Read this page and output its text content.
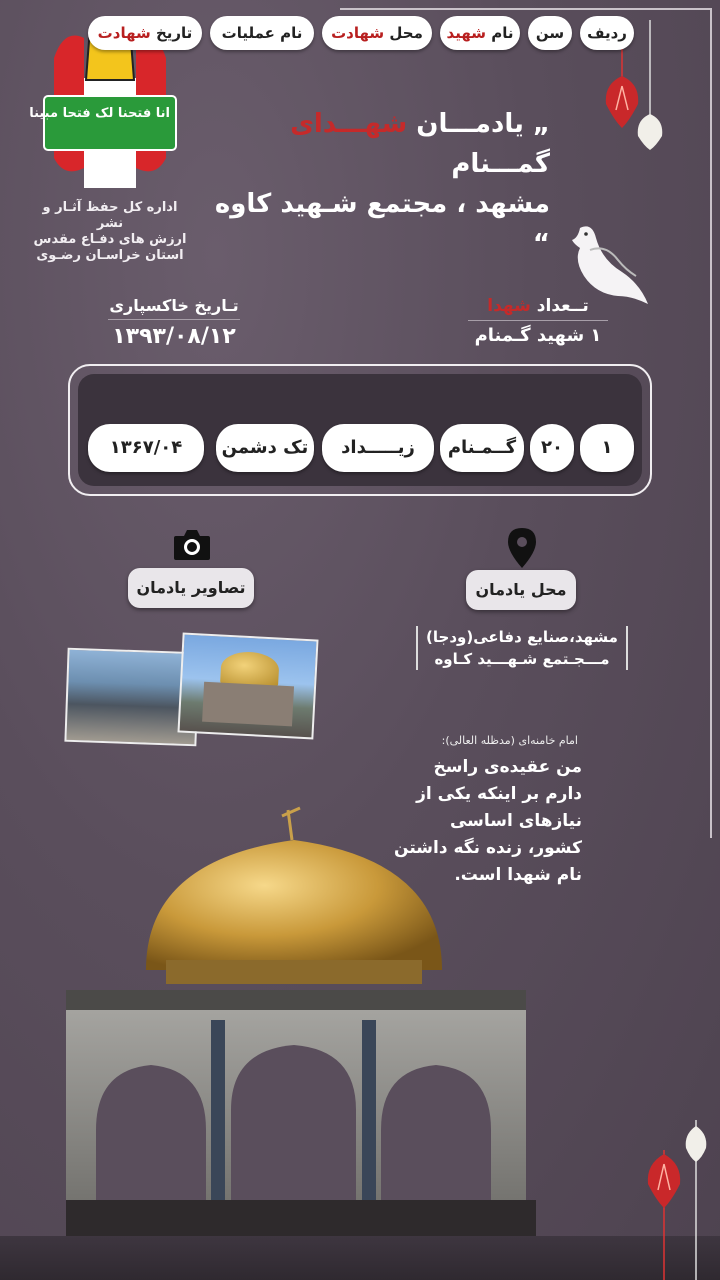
انا فتحنا لک فتحا مبینا
اداره کل حفظ آثـار و نشر
ارزش های دفـاع مقدس
استان خراسـان رضـوی
„ یادمـــان شهـــدای گمـــنام
مشهد ، مجتمع شـهید کاوه “
تــعداد شهدا
۱ شهید گـمنام
تـاریخ خاکسپاری
۱۳۹۳/۰۸/۱۲
ردیف
سن
نام شهید
محل شهادت
نام عملیات
تاریخ شهادت
۱
۲۰
گــمـنام
زیـــــداد
تک دشمن
۱۳۶۷/۰۴
تصاویر یادمان	محل یادمان
مشهد،صنایع دفاعی(ودجا)
مـــجـتمع شـهـــید کـاوه
امام خامنه‌ای (مدظله العالی):
من عقیده‌ی راسخ دارم بر اینکه یکی از نیازهای اساسی کشور، زنده نگه داشتن نام شهدا است.
